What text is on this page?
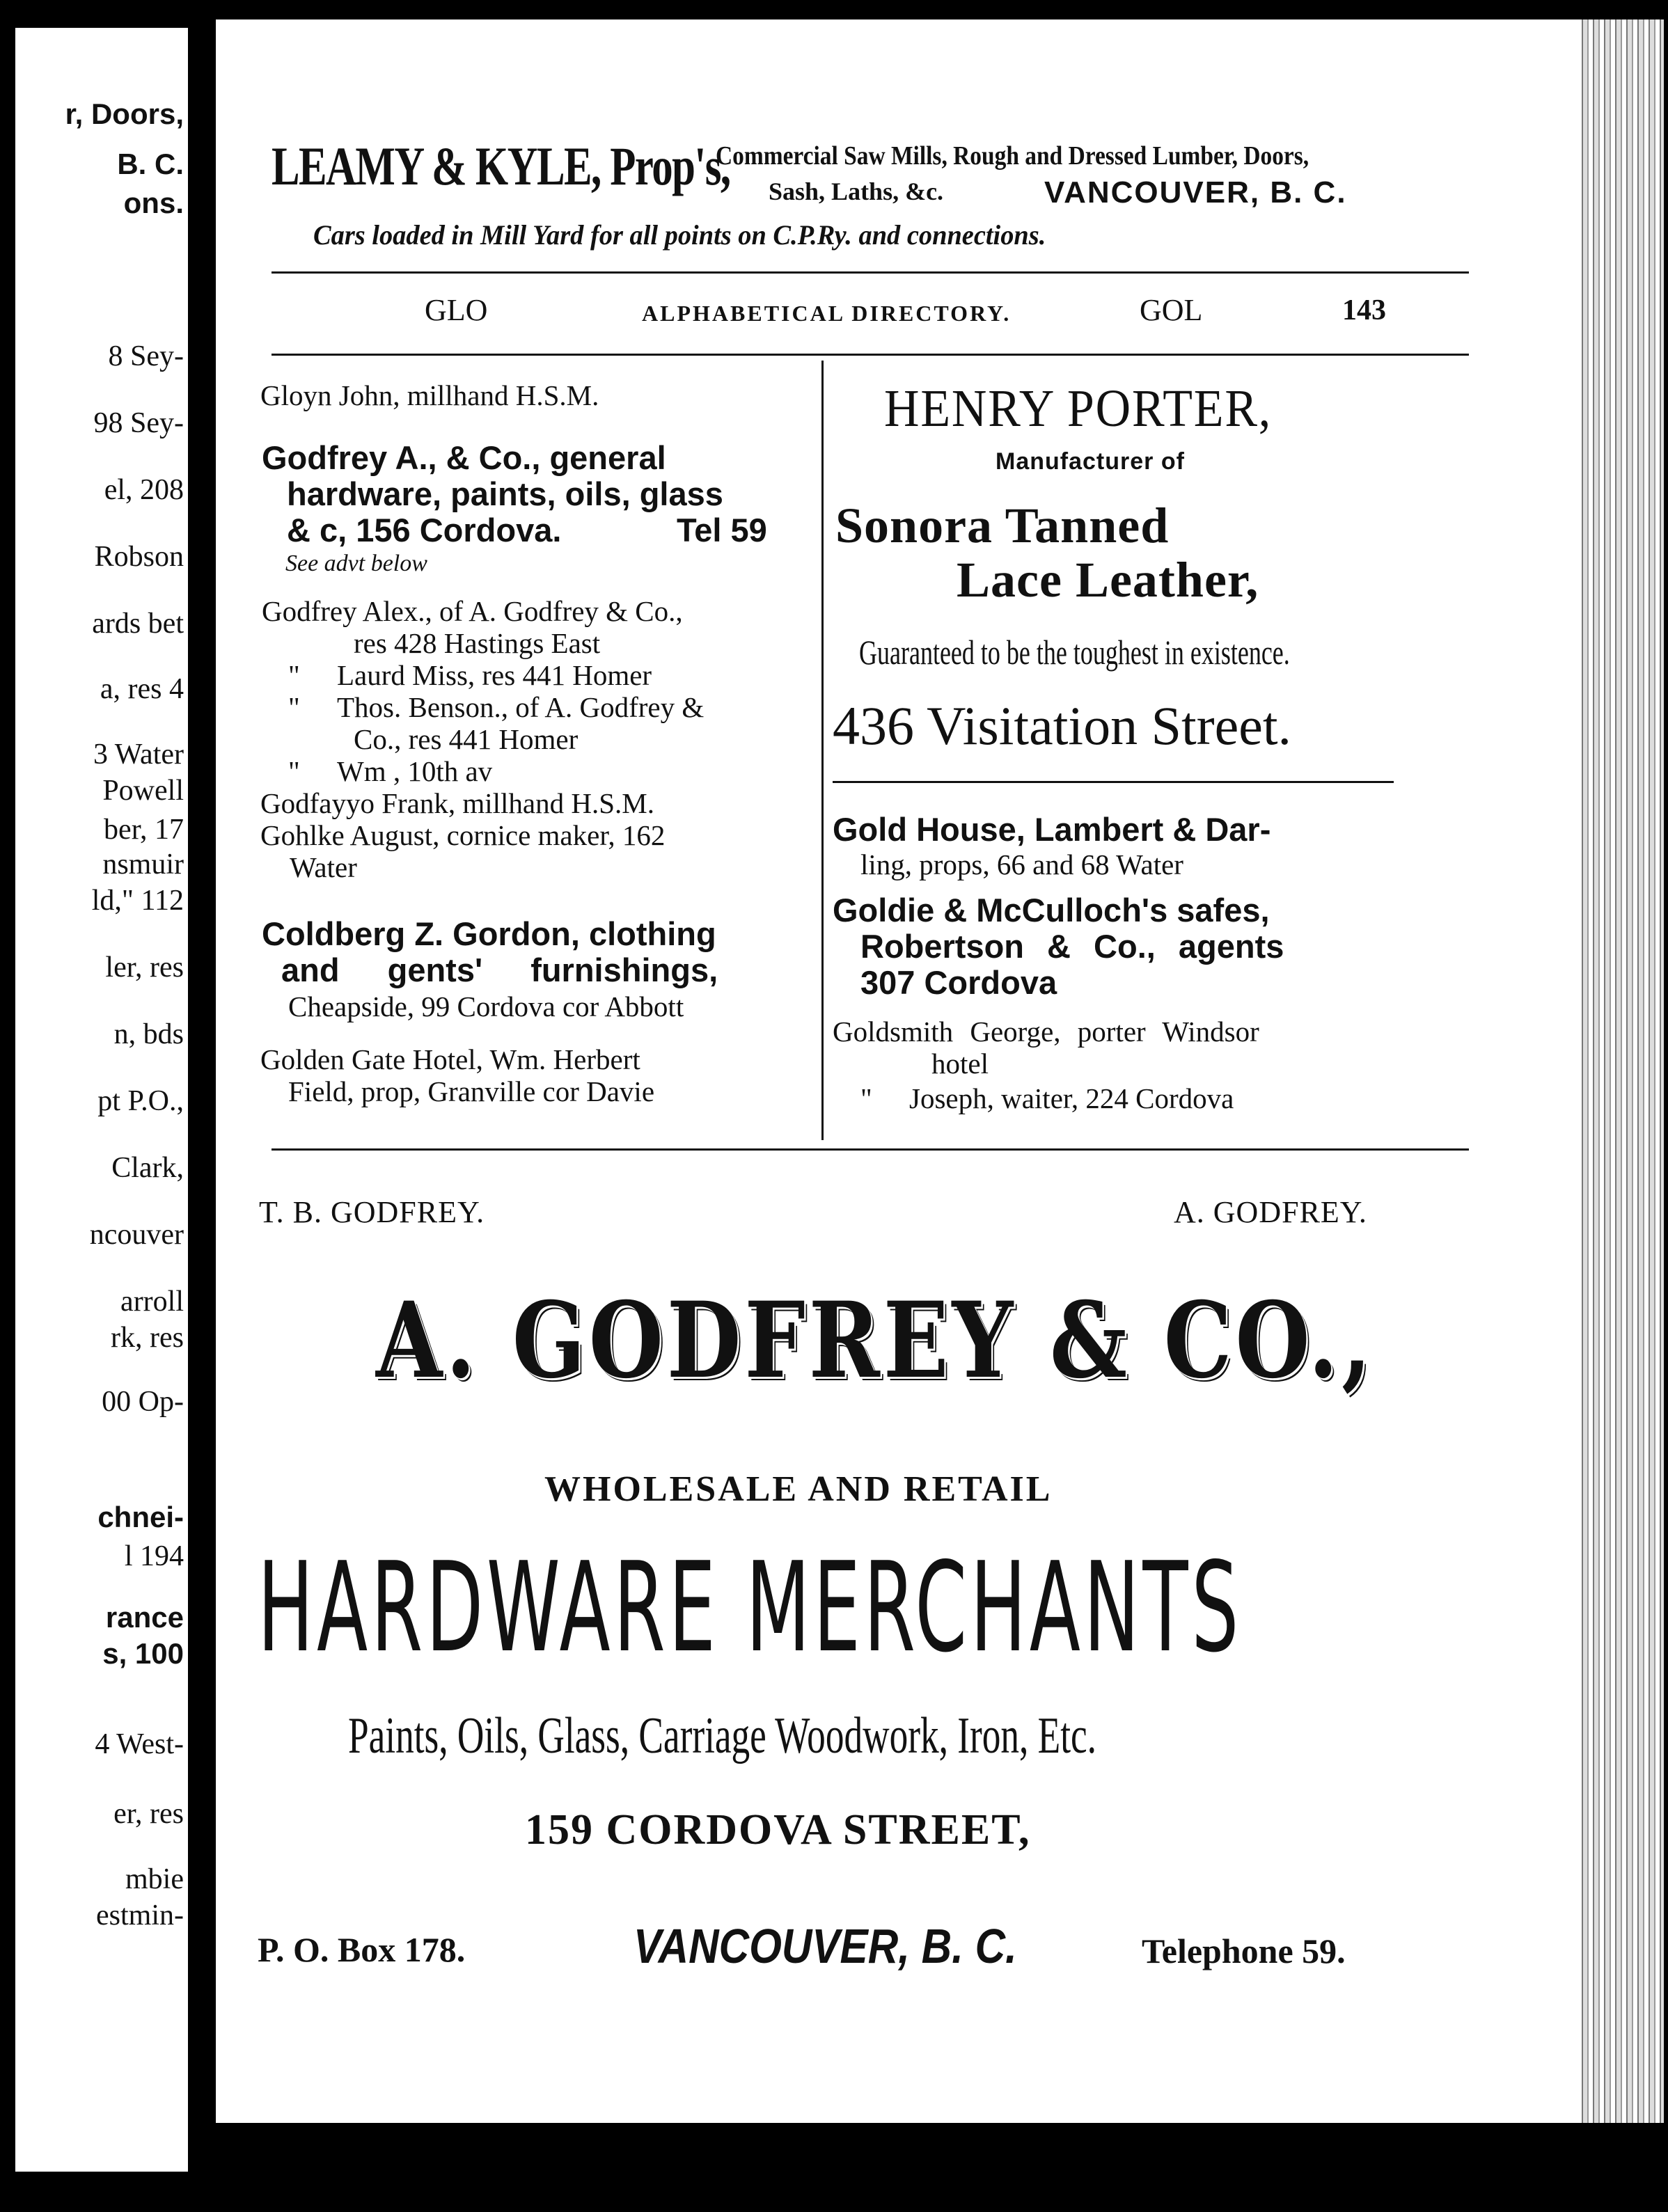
r, Doors,
B. C.
ons.
8 Sey-
98 Sey-
el, 208
Robson
ards bet
a, res 4
3 Water
Powell
ber, 17
nsmuir
ld," 112
ler, res
n, bds
pt P.O.,
Clark,
ncouver
arroll
rk, res
00 Op-
chnei-
l 194
rance
s, 100
4 West-
er, res
mbie
estmin-
LEAMY & KYLE, Prop's,
Commercial Saw Mills, Rough and Dressed Lumber, Doors,
Sash, Laths, &c.	VANCOUVER, B. C.
Cars loaded in Mill Yard for all points on C.P.Ry. and connections.
GLO	ALPHABETICAL DIRECTORY.	GOL	143
Gloyn John, millhand H.S.M.
Godfrey A., & Co., general
hardware, paints, oils, glass
& c, 156 Cordova.	Tel 59
See advt below
Godfrey Alex., of A. Godfrey & Co.,
res 428 Hastings East
" Laurd Miss, res 441 Homer
" Thos. Benson., of A. Godfrey &
Co., res 441 Homer
" Wm , 10th av
Godfayyo Frank, millhand H.S.M.
Gohlke August, cornice maker, 162
Water
Coldberg Z. Gordon, clothing
and gents' furnishings,
Cheapside, 99 Cordova cor Abbott
Golden Gate Hotel, Wm. Herbert
Field, prop, Granville cor Davie
HENRY PORTER,
Manufacturer of
Sonora Tanned
Lace Leather,
Guaranteed to be the toughest in existence.
436 Visitation Street.
Gold House, Lambert & Dar-
ling, props, 66 and 68 Water
Goldie & McCulloch's safes,
Robertson & Co., agents
307 Cordova
Goldsmith George, porter Windsor
hotel
" Joseph, waiter, 224 Cordova
T. B. GODFREY.	A. GODFREY.
A. GODFREY & CO.,
WHOLESALE AND RETAIL
HARDWARE MERCHANTS
Paints, Oils, Glass, Carriage Woodwork, Iron, Etc.
159 CORDOVA STREET,
P. O. Box 178.	VANCOUVER, B. C.	Telephone 59.
